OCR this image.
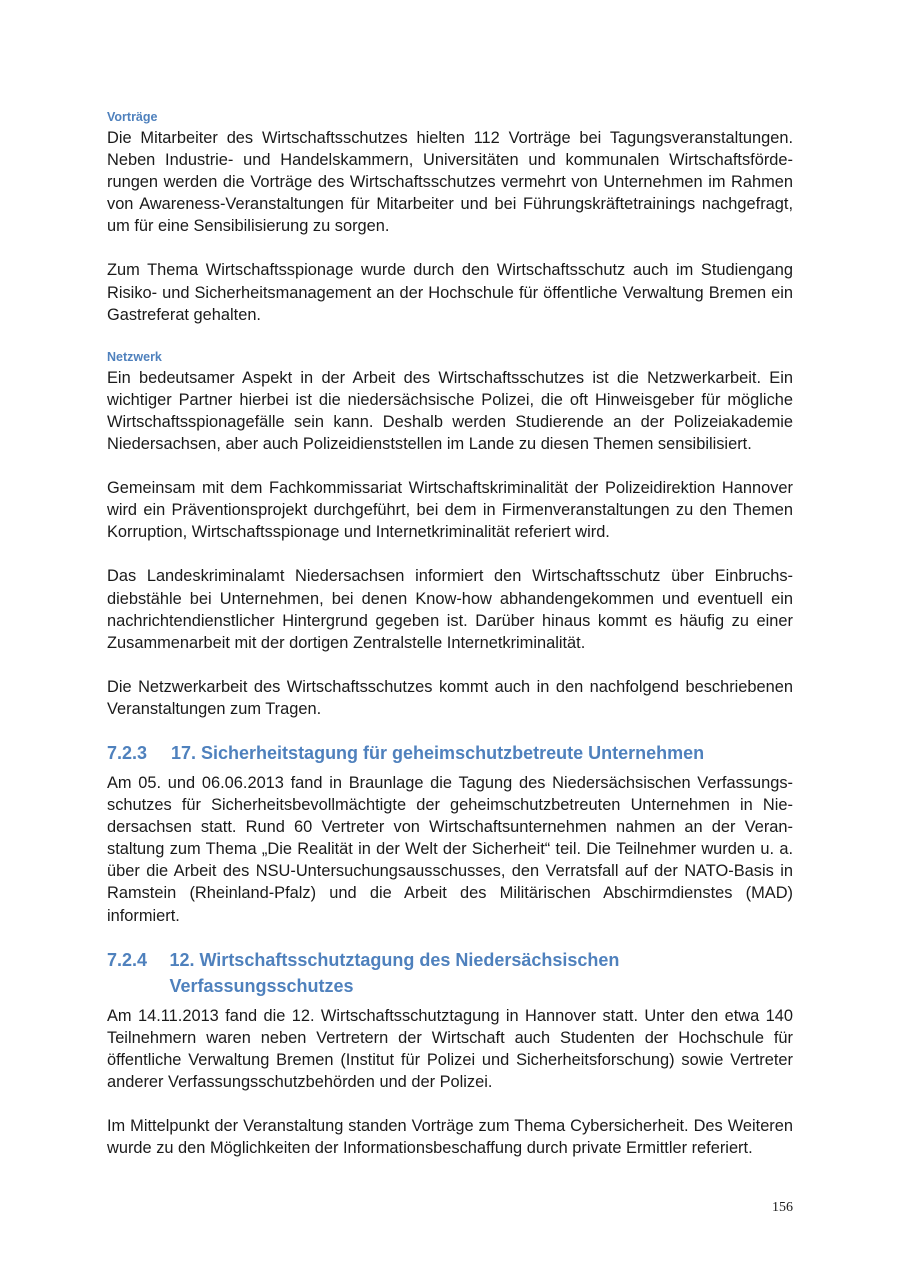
Vorträge

Die Mitarbeiter des Wirtschaftsschutzes hielten 112 Vorträge bei Tagungsveranstaltungen. Neben Industrie- und Handelskammern, Universitäten und kommunalen Wirtschaftsförderungen werden die Vorträge des Wirtschaftsschutzes vermehrt von Unternehmen im Rahmen von Awareness-Veranstaltungen für Mitarbeiter und bei Führungskräftetrainings nachgefragt, um für eine Sensibilisierung zu sorgen.

Zum Thema Wirtschaftsspionage wurde durch den Wirtschaftsschutz auch im Studiengang Risiko- und Sicherheitsmanagement an der Hochschule für öffentliche Verwaltung Bremen ein Gastreferat gehalten.

Netzwerk

Ein bedeutsamer Aspekt in der Arbeit des Wirtschaftsschutzes ist die Netzwerkarbeit. Ein wichtiger Partner hierbei ist die niedersächsische Polizei, die oft Hinweisgeber für mögliche Wirtschaftsspionagefälle sein kann. Deshalb werden Studierende an der Polizeiakademie Niedersachsen, aber auch Polizeidienststellen im Lande zu diesen Themen sensibilisiert.

Gemeinsam mit dem Fachkommissariat Wirtschaftskriminalität der Polizeidirektion Hannover wird ein Präventionsprojekt durchgeführt, bei dem in Firmenveranstaltungen zu den Themen Korruption, Wirtschaftsspionage und Internetkriminalität referiert wird.

Das Landeskriminalamt Niedersachsen informiert den Wirtschaftsschutz über Einbruchsdiebstähle bei Unternehmen, bei denen Know-how abhandengekommen und eventuell ein nachrichtendienstlicher Hintergrund gegeben ist. Darüber hinaus kommt es häufig zu einer Zusammenarbeit mit der dortigen Zentralstelle Internetkriminalität.

Die Netzwerkarbeit des Wirtschaftsschutzes kommt auch in den nachfolgend beschriebenen Veranstaltungen zum Tragen.

7.2.3	17. Sicherheitstagung für geheimschutzbetreute Unternehmen

Am 05. und 06.06.2013 fand in Braunlage die Tagung des Niedersächsischen Verfassungsschutzes für Sicherheitsbevollmächtigte der geheimschutzbetreuten Unternehmen in Niedersachsen statt. Rund 60 Vertreter von Wirtschaftsunternehmen nahmen an der Veranstaltung zum Thema „Die Realität in der Welt der Sicherheit“ teil. Die Teilnehmer wurden u. a. über die Arbeit des NSU-Untersuchungsausschusses, den Verratsfall auf der NATO-Basis in Ramstein (Rheinland-Pfalz) und die Arbeit des Militärischen Abschirmdienstes (MAD) informiert.

7.2.4	12. Wirtschaftsschutztagung des Niedersächsischen Verfassungsschutzes

Am 14.11.2013 fand die 12. Wirtschaftsschutztagung in Hannover statt. Unter den etwa 140 Teilnehmern waren neben Vertretern der Wirtschaft auch Studenten der Hochschule für öffentliche Verwaltung Bremen (Institut für Polizei und Sicherheitsforschung) sowie Vertreter anderer Verfassungsschutzbehörden und der Polizei.

Im Mittelpunkt der Veranstaltung standen Vorträge zum Thema Cybersicherheit. Des Weiteren wurde zu den Möglichkeiten der Informationsbeschaffung durch private Ermittler referiert.

156
